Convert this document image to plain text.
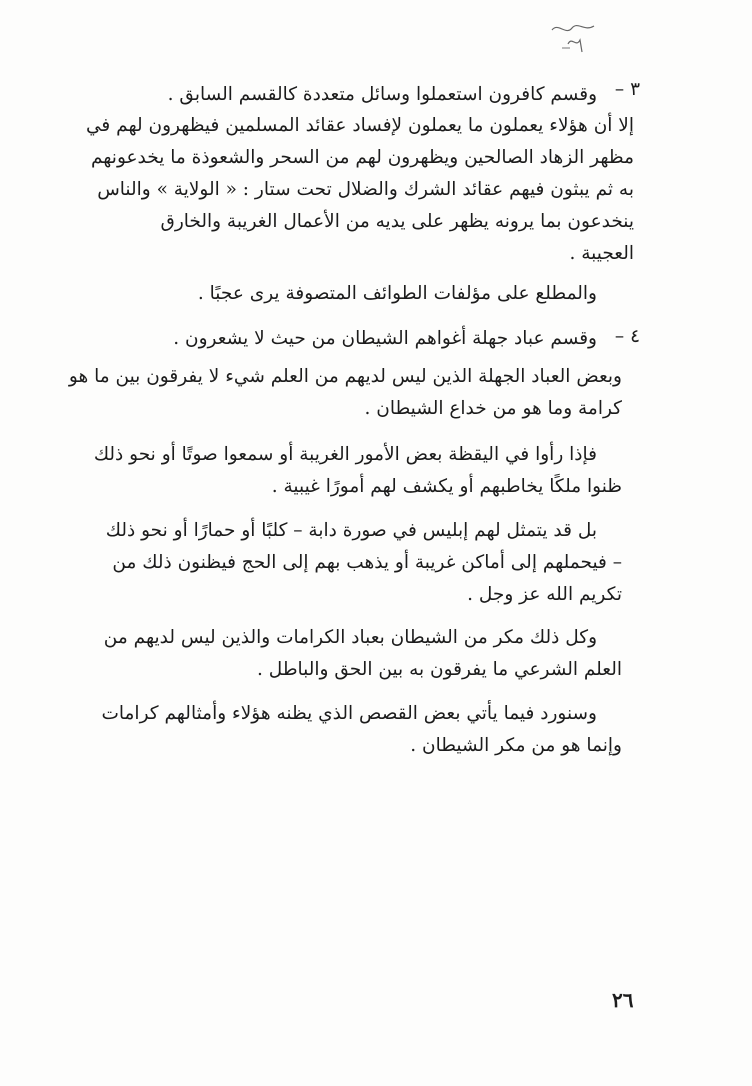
٣ –
وقسم كافرون استعملوا وسائل متعددة كالقسم السابق .
إلا أن هؤلاء يعملون ما يعملون لإفساد عقائد المسلمين فيظهرون لهم في
مظهر الزهاد الصالحين ويظهرون لهم من السحر والشعوذة ما يخدعونهم
به ثم يبثون فيهم عقائد الشرك والضلال تحت ستار : « الولاية » والناس
ينخدعون بما يرونه يظهر على يديه من الأعمال الغريبة والخارق
العجيبة .
والمطلع على مؤلفات الطوائف المتصوفة يرى عجبًا .
٤ –
وقسم عباد جهلة أغواهم الشيطان من حيث لا يشعرون .
وبعض العباد الجهلة الذين ليس لديهم من العلم شيء لا يفرقون بين ما هو
كرامة وما هو من خداع الشيطان .
فإذا رأوا في اليقظة بعض الأمور الغريبة أو سمعوا صوتًا أو نحو ذلك
ظنوا ملكًا يخاطبهم أو يكشف لهم أمورًا غيبية .
بل قد يتمثل لهم إبليس في صورة دابة – كلبًا أو حمارًا أو نحو ذلك
– فيحملهم إلى أماكن غريبة أو يذهب بهم إلى الحج فيظنون ذلك من
تكريم الله عز وجل .
وكل ذلك مكر من الشيطان بعباد الكرامات والذين ليس لديهم من
العلم الشرعي ما يفرقون به بين الحق والباطل .
وسنورد فيما يأتي بعض القصص الذي يظنه هؤلاء وأمثالهم كرامات
وإنما هو من مكر الشيطان .
٢٦
